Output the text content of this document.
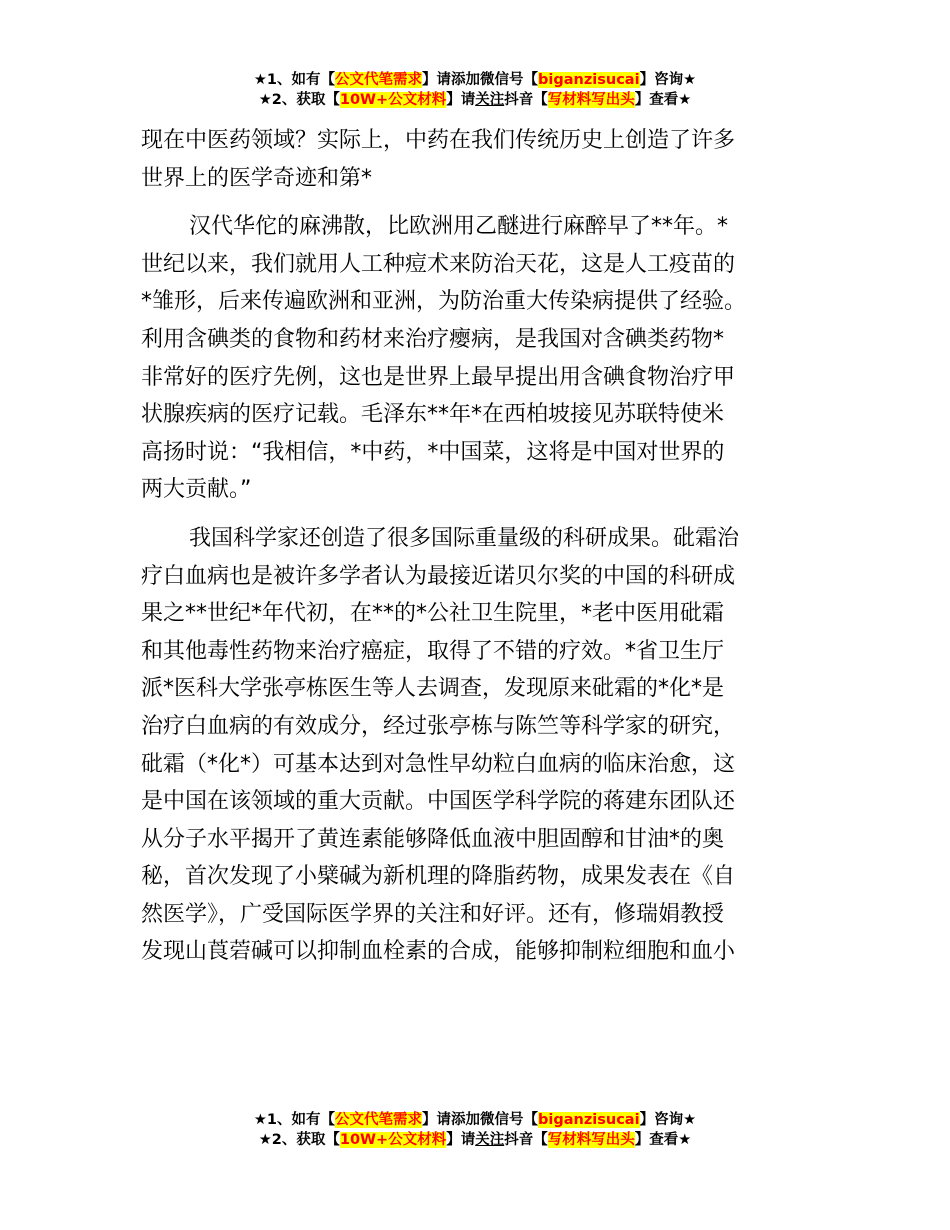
★1、如有【公文代笔需求】请添加微信号【biganzisucai】咨询★
★2、获取【10W+公文材料】请关注抖音【写材料写出头】查看★
现在中医药领域？实际上，中药在我们传统历史上创造了许多
世界上的医学奇迹和第*
汉代华佗的麻沸散，比欧洲用乙醚进行麻醉早了**年。*
世纪以来，我们就用人工种痘术来防治天花，这是人工疫苗的
*雏形，后来传遍欧洲和亚洲，为防治重大传染病提供了经验。
利用含碘类的食物和药材来治疗瘿病，是我国对含碘类药物*
非常好的医疗先例，这也是世界上最早提出用含碘食物治疗甲
状腺疾病的医疗记载。毛泽东**年*在西柏坡接见苏联特使米
高扬时说：“我相信，*中药，*中国菜，这将是中国对世界的
两大贡献。”
我国科学家还创造了很多国际重量级的科研成果。砒霜治
疗白血病也是被许多学者认为最接近诺贝尔奖的中国的科研成
果之**世纪*年代初，在**的*公社卫生院里，*老中医用砒霜
和其他毒性药物来治疗癌症，取得了不错的疗效。*省卫生厅
派*医科大学张亭栋医生等人去调查，发现原来砒霜的*化*是
治疗白血病的有效成分，经过张亭栋与陈竺等科学家的研究，
砒霜（*化*）可基本达到对急性早幼粒白血病的临床治愈，这
是中国在该领域的重大贡献。中国医学科学院的蒋建东团队还
从分子水平揭开了黄连素能够降低血液中胆固醇和甘油*的奥
秘，首次发现了小檗碱为新机理的降脂药物，成果发表在《自
然医学》，广受国际医学界的关注和好评。还有，修瑞娟教授
发现山莨菪碱可以抑制血栓素的合成，能够抑制粒细胞和血小
★1、如有【公文代笔需求】请添加微信号【biganzisucai】咨询★
★2、获取【10W+公文材料】请关注抖音【写材料写出头】查看★
